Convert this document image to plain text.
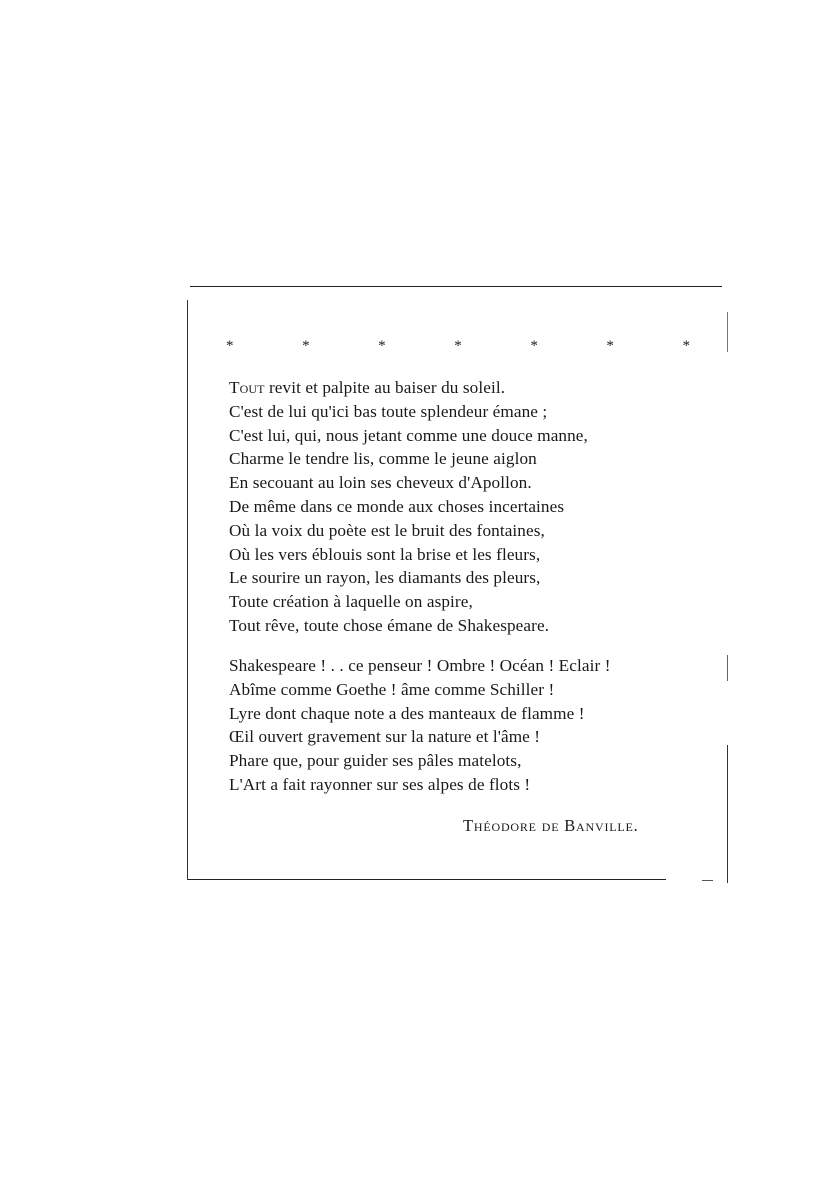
*	*	*	*	*	*	*
Tout revit et palpite au baiser du soleil.
C'est de lui qu'ici bas toute splendeur émane ;
C'est lui, qui, nous jetant comme une douce manne,
Charme le tendre lis, comme le jeune aiglon
En secouant au loin ses cheveux d'Apollon.
De même dans ce monde aux choses incertaines
Où la voix du poète est le bruit des fontaines,
Où les vers éblouis sont la brise et les fleurs,
Le sourire un rayon, les diamants des pleurs,
Toute création à laquelle on aspire,
Tout rêve, toute chose émane de Shakespeare.
Shakespeare ! . . ce penseur ! Ombre ! Océan ! Eclair !
Abîme comme Goethe ! âme comme Schiller !
Lyre dont chaque note a des manteaux de flamme !
Œil ouvert gravement sur la nature et l'âme !
Phare que, pour guider ses pâles matelots,
L'Art a fait rayonner sur ses alpes de flots !
Théodore de Banville.
